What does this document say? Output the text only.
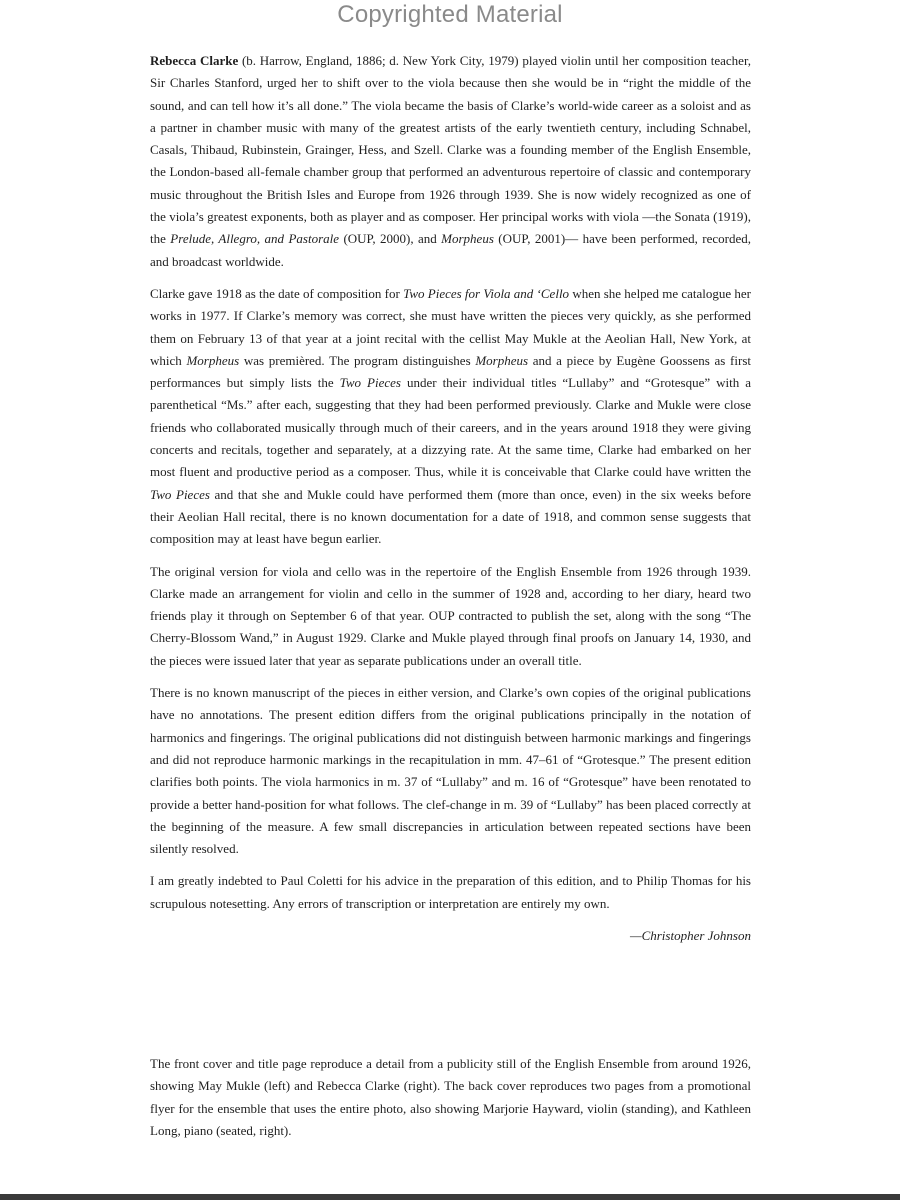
Copyrighted Material

Rebecca Clarke (b. Harrow, England, 1886; d. New York City, 1979) played violin until her composition teacher, Sir Charles Stanford, urged her to shift over to the viola because then she would be in “right the middle of the sound, and can tell how it’s all done.” The viola became the basis of Clarke’s world-wide career as a soloist and as a partner in chamber music with many of the greatest artists of the early twentieth century, including Schnabel, Casals, Thibaud, Rubinstein, Grainger, Hess, and Szell. Clarke was a founding member of the English Ensemble, the London-based all-female chamber group that performed an adventurous repertoire of classic and contemporary music throughout the British Isles and Europe from 1926 through 1939. She is now widely recognized as one of the viola’s greatest exponents, both as player and as composer. Her principal works with viola —the Sonata (1919), the Prelude, Allegro, and Pastorale (OUP, 2000), and Morpheus (OUP, 2001)— have been performed, recorded, and broadcast worldwide.

Clarke gave 1918 as the date of composition for Two Pieces for Viola and ‘Cello when she helped me catalogue her works in 1977. If Clarke’s memory was correct, she must have written the pieces very quickly, as she performed them on February 13 of that year at a joint recital with the cellist May Mukle at the Aeolian Hall, New York, at which Morpheus was premièred. The program distinguishes Morpheus and a piece by Eugène Goossens as first performances but simply lists the Two Pieces under their individual titles “Lullaby” and “Grotesque” with a parenthetical “Ms.” after each, suggesting that they had been performed previously. Clarke and Mukle were close friends who collaborated musically through much of their careers, and in the years around 1918 they were giving concerts and recitals, together and separately, at a dizzying rate. At the same time, Clarke had embarked on her most fluent and productive period as a composer. Thus, while it is conceivable that Clarke could have written the Two Pieces and that she and Mukle could have performed them (more than once, even) in the six weeks before their Aeolian Hall recital, there is no known documentation for a date of 1918, and common sense suggests that composition may at least have begun earlier.

The original version for viola and cello was in the repertoire of the English Ensemble from 1926 through 1939. Clarke made an arrangement for violin and cello in the summer of 1928 and, according to her diary, heard two friends play it through on September 6 of that year. OUP contracted to publish the set, along with the song “The Cherry-Blossom Wand,” in August 1929. Clarke and Mukle played through final proofs on January 14, 1930, and the pieces were issued later that year as separate publications under an overall title.

There is no known manuscript of the pieces in either version, and Clarke’s own copies of the original publications have no annotations. The present edition differs from the original publications principally in the notation of harmonics and fingerings. The original publications did not distinguish between harmonic markings and fingerings and did not reproduce harmonic markings in the recapitulation in mm. 47–61 of “Grotesque.” The present edition clarifies both points. The viola harmonics in m. 37 of “Lullaby” and m. 16 of “Grotesque” have been renotated to provide a better hand-position for what follows. The clef-change in m. 39 of “Lullaby” has been placed correctly at the beginning of the measure. A few small discrepancies in articulation between repeated sections have been silently resolved.

I am greatly indebted to Paul Coletti for his advice in the preparation of this edition, and to Philip Thomas for his scrupulous notesetting. Any errors of transcription or interpretation are entirely my own.

—Christopher Johnson

The front cover and title page reproduce a detail from a publicity still of the English Ensemble from around 1926, showing May Mukle (left) and Rebecca Clarke (right). The back cover reproduces two pages from a promotional flyer for the ensemble that uses the entire photo, also showing Marjorie Hayward, violin (standing), and Kathleen Long, piano (seated, right).
